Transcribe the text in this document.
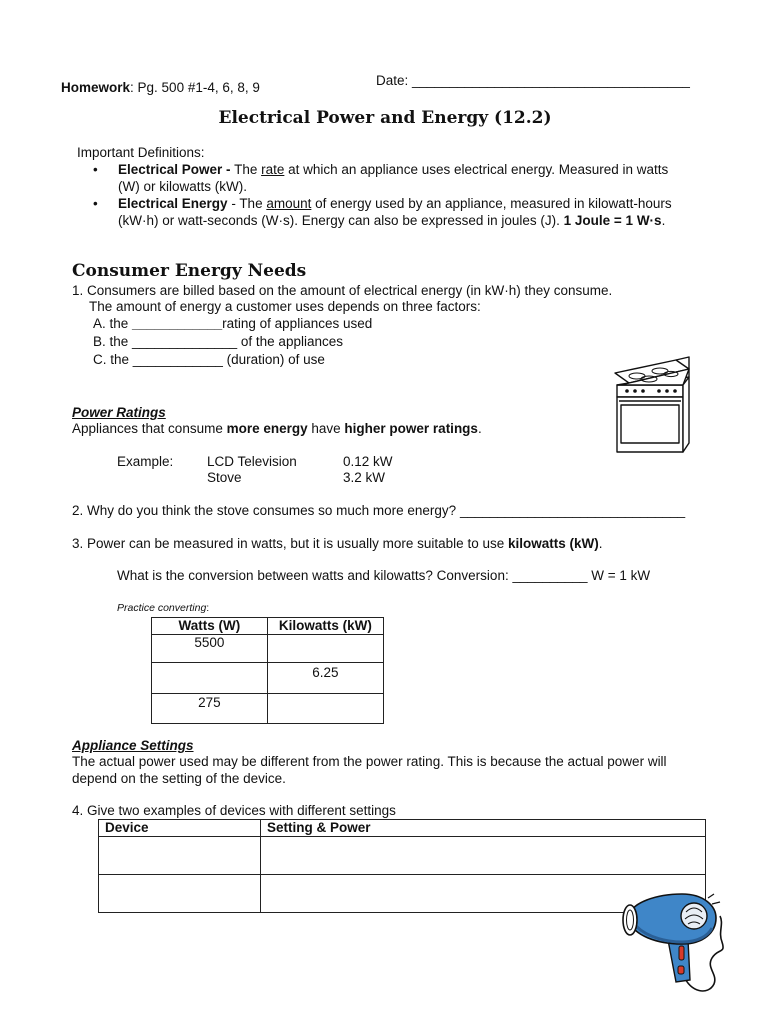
Homework: Pg. 500 #1-4, 6, 8, 9	Date: _____________________________________
Electrical Power and Energy (12.2)
Important Definitions:
• Electrical Power - The rate at which an appliance uses electrical energy. Measured in watts
(W) or kilowatts (kW).
• Electrical Energy - The amount of energy used by an appliance, measured in kilowatt-hours
(kW·h) or watt-seconds (W·s). Energy can also be expressed in joules (J). 1 Joule = 1 W·s.
Consumer Energy Needs
1. Consumers are billed based on the amount of electrical energy (in kW·h) they consume.
The amount of energy a customer uses depends on three factors:
A. the ____________rating of appliances used
B. the ______________ of the appliances
C. the ____________ (duration) of use
Power Ratings
Appliances that consume more energy have higher power ratings.
Example: LCD Television	0.12 kW
Stove	3.2 kW
2. Why do you think the stove consumes so much more energy? ______________________________
3. Power can be measured in watts, but it is usually more suitable to use kilowatts (kW).
What is the conversion between watts and kilowatts? Conversion: __________ W = 1 kW
Practice converting:
Watts (W)	Kilowatts (kW)
5500	
	6.25
275	
Appliance Settings
The actual power used may be different from the power rating. This is because the actual power will
depend on the setting of the device.
4. Give two examples of devices with different settings
Device	Setting & Power
